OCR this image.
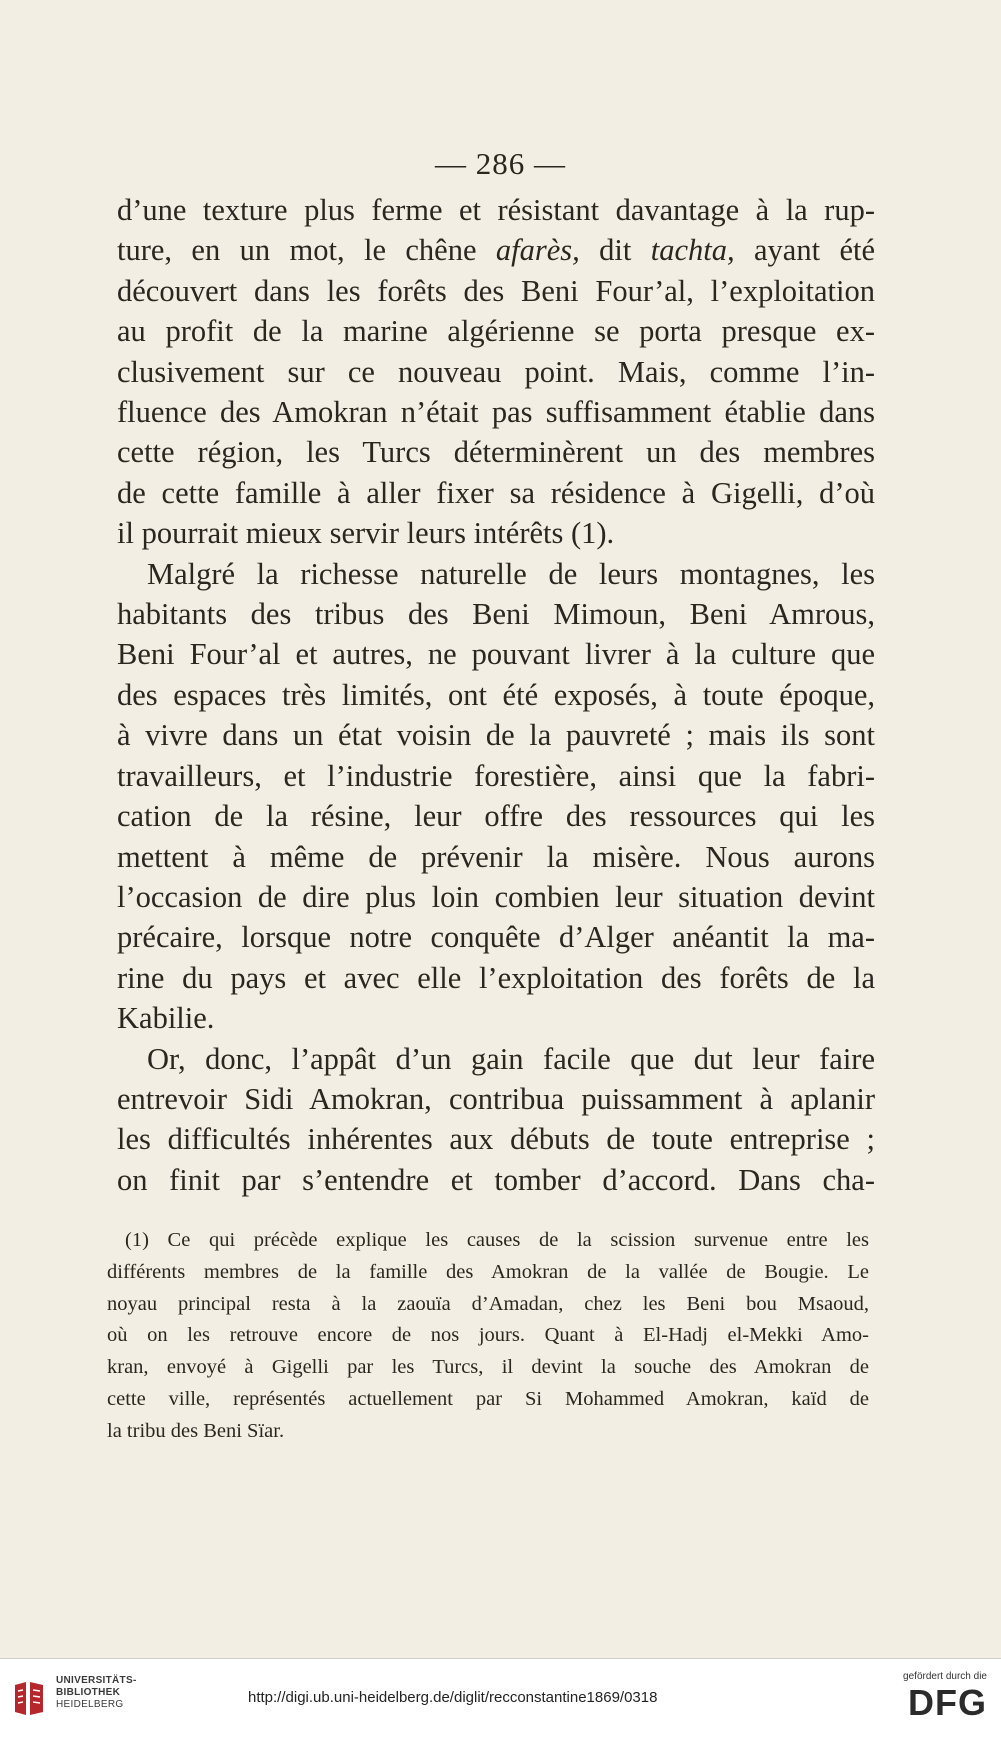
— 286 —
d’une texture plus ferme et résistant davantage à la rup-
ture, en un mot, le chêne afarès, dit tachta, ayant été
découvert dans les forêts des Beni Four’al, l’exploitation
au profit de la marine algérienne se porta presque ex-
clusivement sur ce nouveau point. Mais, comme l’in-
fluence des Amokran n’était pas suffisamment établie dans
cette région, les Turcs déterminèrent un des membres
de cette famille à aller fixer sa résidence à Gigelli, d’où
il pourrait mieux servir leurs intérêts (1).
Malgré la richesse naturelle de leurs montagnes, les
habitants des tribus des Beni Mimoun, Beni Amrous,
Beni Four’al et autres, ne pouvant livrer à la culture que
des espaces très limités, ont été exposés, à toute époque,
à vivre dans un état voisin de la pauvreté ; mais ils sont
travailleurs, et l’industrie forestière, ainsi que la fabri-
cation de la résine, leur offre des ressources qui les
mettent à même de prévenir la misère. Nous aurons
l’occasion de dire plus loin combien leur situation devint
précaire, lorsque notre conquête d’Alger anéantit la ma-
rine du pays et avec elle l’exploitation des forêts de la
Kabilie.
Or, donc, l’appât d’un gain facile que dut leur faire
entrevoir Sidi Amokran, contribua puissamment à aplanir
les difficultés inhérentes aux débuts de toute entreprise ;
on finit par s’entendre et tomber d’accord. Dans cha-
(1) Ce qui précède explique les causes de la scission survenue entre les
différents membres de la famille des Amokran de la vallée de Bougie. Le
noyau principal resta à la zaouïa d’Amadan, chez les Beni bou Msaoud,
où on les retrouve encore de nos jours. Quant à El-Hadj el-Mekki Amo-
kran, envoyé à Gigelli par les Turcs, il devint la souche des Amokran de
cette ville, représentés actuellement par Si Mohammed Amokran, kaïd de
la tribu des Beni Sïar.
UNIVERSITÄTS-
BIBLIOTHEK
HEIDELBERG	http://digi.ub.uni-heidelberg.de/diglit/recconstantine1869/0318
gefördert durch die
DFG
